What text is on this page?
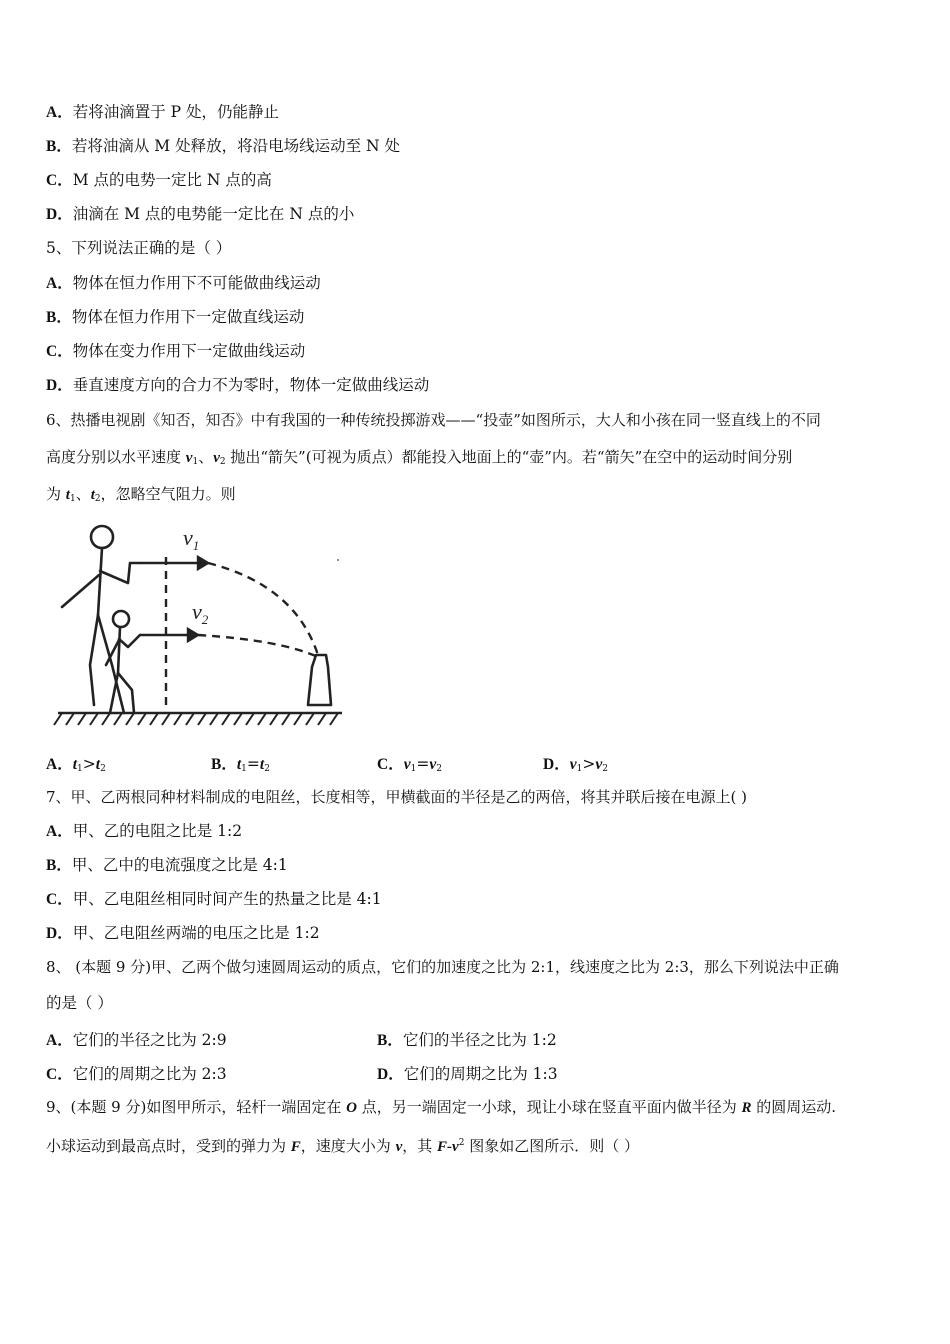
A．若将油滴置于 P 处，仍能静止
B．若将油滴从 M 处释放，将沿电场线运动至 N 处
C．M 点的电势一定比 N 点的高
D．油滴在 M 点的电势能一定比在 N 点的小
5、下列说法正确的是（ ）
A．物体在恒力作用下不可能做曲线运动
B．物体在恒力作用下一定做直线运动
C．物体在变力作用下一定做曲线运动
D．垂直速度方向的合力不为零时，物体一定做曲线运动
6、热播电视剧《知否，知否》中有我国的一种传统投掷游戏——“投壶”如图所示，大人和小孩在同一竖直线上的不同
高度分别以水平速度 $v_1$、$v_2$ 抛出“箭矢”(可视为质点）都能投入地面上的“壶”内。若“箭矢”在空中的运动时间分别
为 $t_1$、$t_2$，忽略空气阻力。则
$v_1$
$v_2$
A．$t_1>t_2$	B．$t_1=t_2$	C．$v_1=v_2$	D．$v_1>v_2$
7、甲、乙两根同种材料制成的电阻丝，长度相等，甲横截面的半径是乙的两倍，将其并联后接在电源上( )
A．甲、乙的电阻之比是 1:2
B．甲、乙中的电流强度之比是 4:1
C．甲、乙电阻丝相同时间产生的热量之比是 4:1
D．甲、乙电阻丝两端的电压之比是 1:2
8、 (本题 9 分)甲、乙两个做匀速圆周运动的质点，它们的加速度之比为 2:1，线速度之比为 2:3，那么下列说法中正确
的是（ ）
A．它们的半径之比为 2:9	B．它们的半径之比为 1:2
C．它们的周期之比为 2:3	D．它们的周期之比为 1:3
9、(本题 9 分)如图甲所示，轻杆一端固定在 O 点，另一端固定一小球，现让小球在竖直平面内做半径为 R 的圆周运动.
小球运动到最高点时，受到的弹力为 F，速度大小为 v，其 $F-v^2$ 图象如乙图所示．则（ ）
